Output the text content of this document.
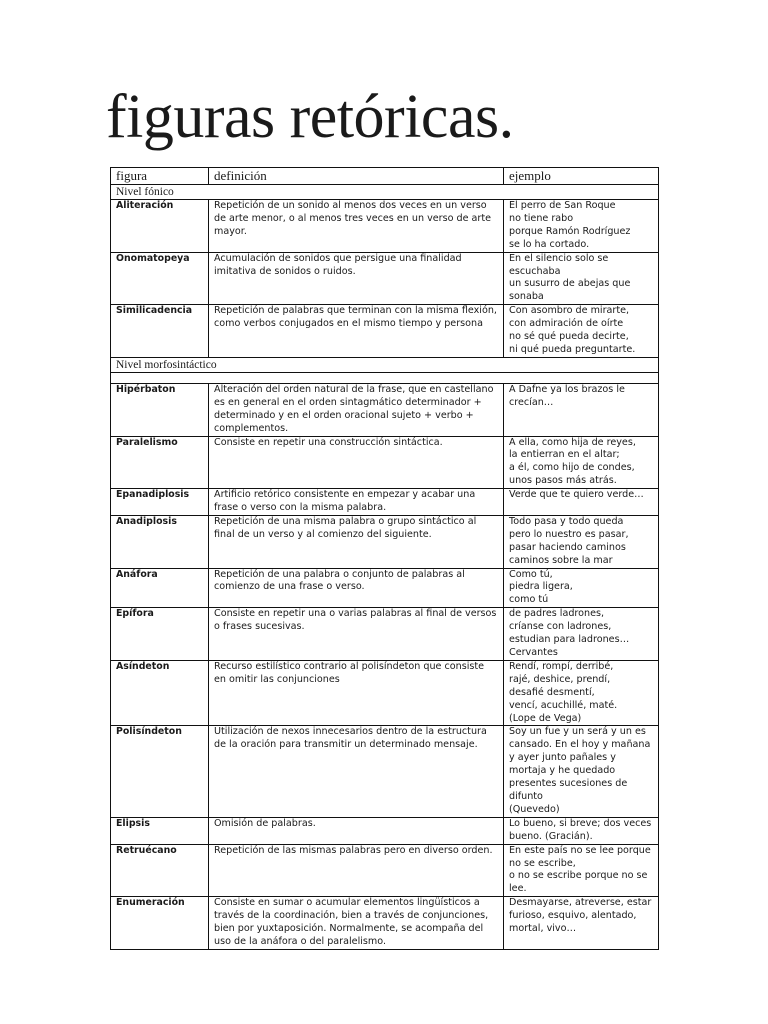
figuras retóricas.
figura	definición	ejemplo
Nivel fónico		
Aliteración	Repetición de un sonido al menos dos veces en un verso de arte menor, o al menos tres veces en un verso de arte mayor.	El perro de San Roque
no tiene rabo
porque Ramón Rodríguez
se lo ha cortado.
Onomatopeya	Acumulación de sonidos que persigue una finalidad imitativa de sonidos o ruidos.	En el silencio solo se escuchaba
un susurro de abejas que sonaba
Similicadencia	Repetición de palabras que terminan con la misma flexión, como verbos conjugados en el mismo tiempo y persona	Con asombro de mirarte,
con admiración de oírte
no sé qué pueda decirte,
ni qué pueda preguntarte.
Nivel morfosintáctico		

Hipérbaton	Alteración del orden natural de la frase, que en castellano es en general en el orden sintagmático determinador + determinado y en el orden oracional sujeto + verbo + complementos.	A Dafne ya los brazos le crecían…
Paralelismo	Consiste en repetir una construcción sintáctica.	A ella, como hija de reyes,
la entierran en el altar;
a él, como hijo de condes,
unos pasos más atrás.
Epanadiplosis	Artificio retórico consistente en empezar y acabar una frase o verso con la misma palabra.	Verde que te quiero verde…
Anadiplosis	Repetición de una misma palabra o grupo sintáctico al final de un verso y al comienzo del siguiente.	Todo pasa y todo queda
pero lo nuestro es pasar,
pasar haciendo caminos
caminos sobre la mar
Anáfora	Repetición de una palabra o conjunto de palabras al comienzo de una frase o verso.	Como tú,
piedra ligera,
como tú
Epífora	Consiste en repetir una o varias palabras al final de versos o frases sucesivas.	de padres ladrones,
críanse con ladrones,
estudian para ladrones…
Cervantes
Asíndeton	Recurso estilístico contrario al polisíndeton que consiste en omitir las conjunciones	Rendí, rompí, derribé,
rajé, deshice, prendí,
desafié desmentí,
vencí, acuchillé, maté.
(Lope de Vega)
Polisíndeton	Utilización de nexos innecesarios dentro de la estructura de la oración para transmitir un determinado mensaje.	Soy un fue y un será y un es cansado. En el hoy y mañana y ayer junto pañales y mortaja y he quedado presentes sucesiones de difunto
(Quevedo)
Elipsis	Omisión de palabras.	Lo bueno, si breve; dos veces bueno. (Gracián).
Retruécano	Repetición de las mismas palabras pero en diverso orden.	En este país no se lee porque no se escribe,
o no se escribe porque no se lee.
Enumeración	Consiste en sumar o acumular elementos lingüísticos a través de la coordinación, bien a través de conjunciones, bien por yuxtaposición. Normalmente, se acompaña del uso de la anáfora o del paralelismo.	Desmayarse, atreverse, estar furioso, esquivo, alentado, mortal, vivo…
